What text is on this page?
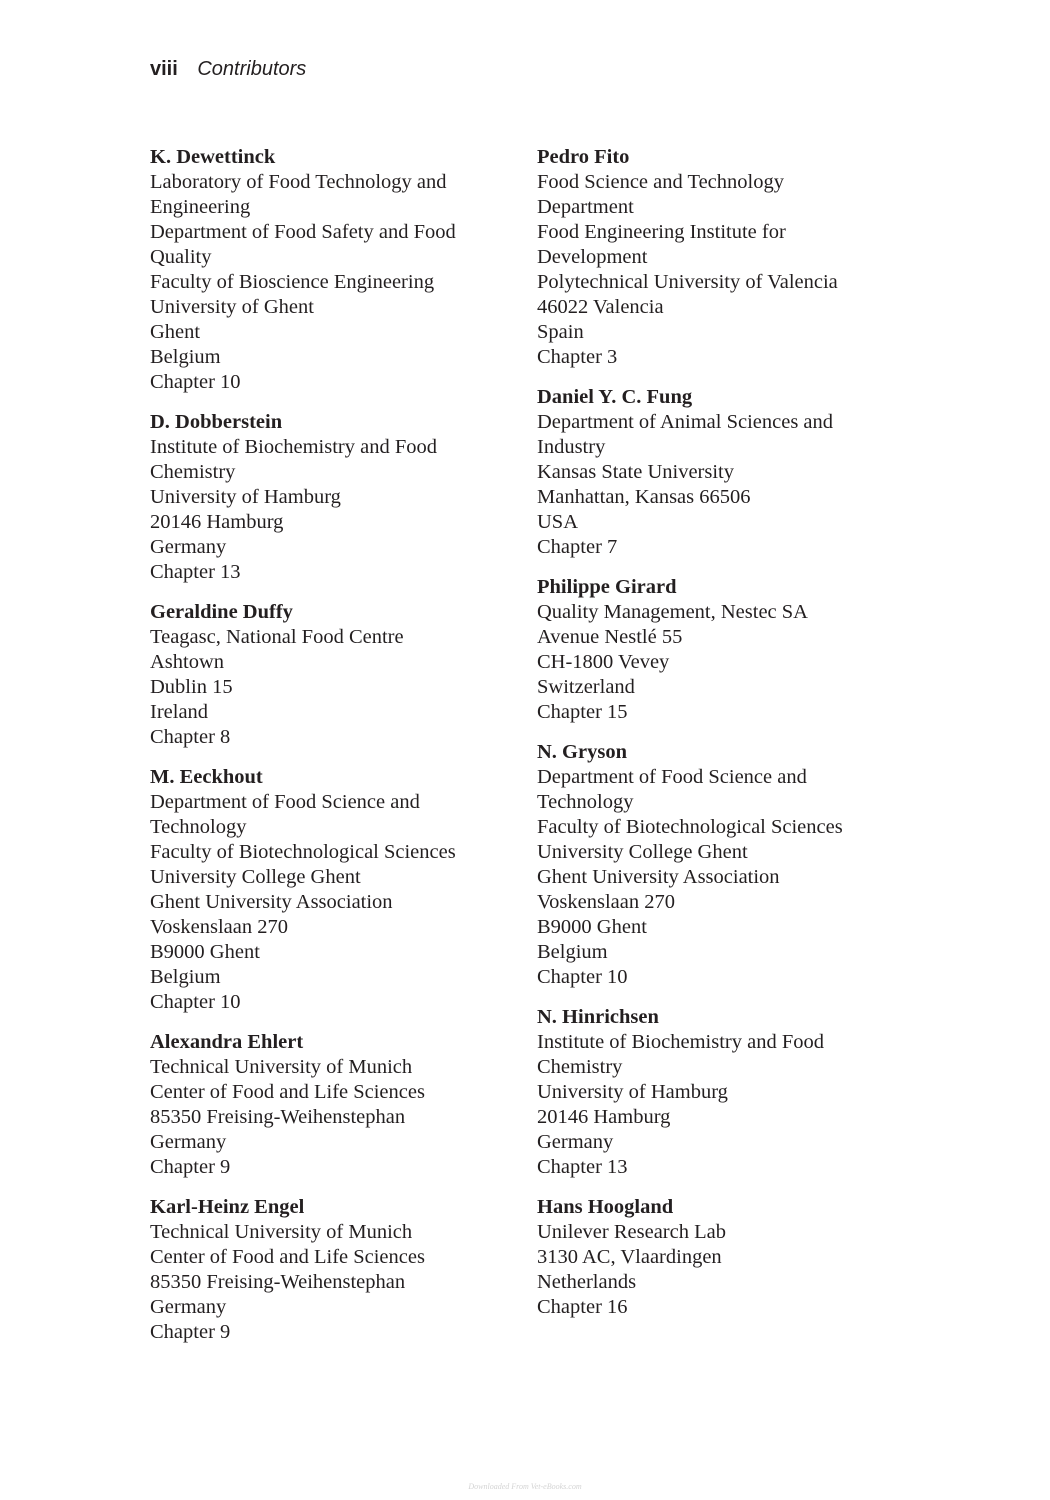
viii Contributors
K. Dewettinck
Laboratory of Food Technology and
Engineering
Department of Food Safety and Food
Quality
Faculty of Bioscience Engineering
University of Ghent
Ghent
Belgium
Chapter 10
D. Dobberstein
Institute of Biochemistry and Food
Chemistry
University of Hamburg
20146 Hamburg
Germany
Chapter 13
Geraldine Duffy
Teagasc, National Food Centre
Ashtown
Dublin 15
Ireland
Chapter 8
M. Eeckhout
Department of Food Science and
Technology
Faculty of Biotechnological Sciences
University College Ghent
Ghent University Association
Voskenslaan 270
B9000 Ghent
Belgium
Chapter 10
Alexandra Ehlert
Technical University of Munich
Center of Food and Life Sciences
85350 Freising-Weihenstephan
Germany
Chapter 9
Karl-Heinz Engel
Technical University of Munich
Center of Food and Life Sciences
85350 Freising-Weihenstephan
Germany
Chapter 9
Pedro Fito
Food Science and Technology
Department
Food Engineering Institute for
Development
Polytechnical University of Valencia
46022 Valencia
Spain
Chapter 3
Daniel Y. C. Fung
Department of Animal Sciences and
Industry
Kansas State University
Manhattan, Kansas 66506
USA
Chapter 7
Philippe Girard
Quality Management, Nestec SA
Avenue Nestlé 55
CH-1800 Vevey
Switzerland
Chapter 15
N. Gryson
Department of Food Science and
Technology
Faculty of Biotechnological Sciences
University College Ghent
Ghent University Association
Voskenslaan 270
B9000 Ghent
Belgium
Chapter 10
N. Hinrichsen
Institute of Biochemistry and Food
Chemistry
University of Hamburg
20146 Hamburg
Germany
Chapter 13
Hans Hoogland
Unilever Research Lab
3130 AC, Vlaardingen
Netherlands
Chapter 16
Downloaded From Vet-eBooks.com
